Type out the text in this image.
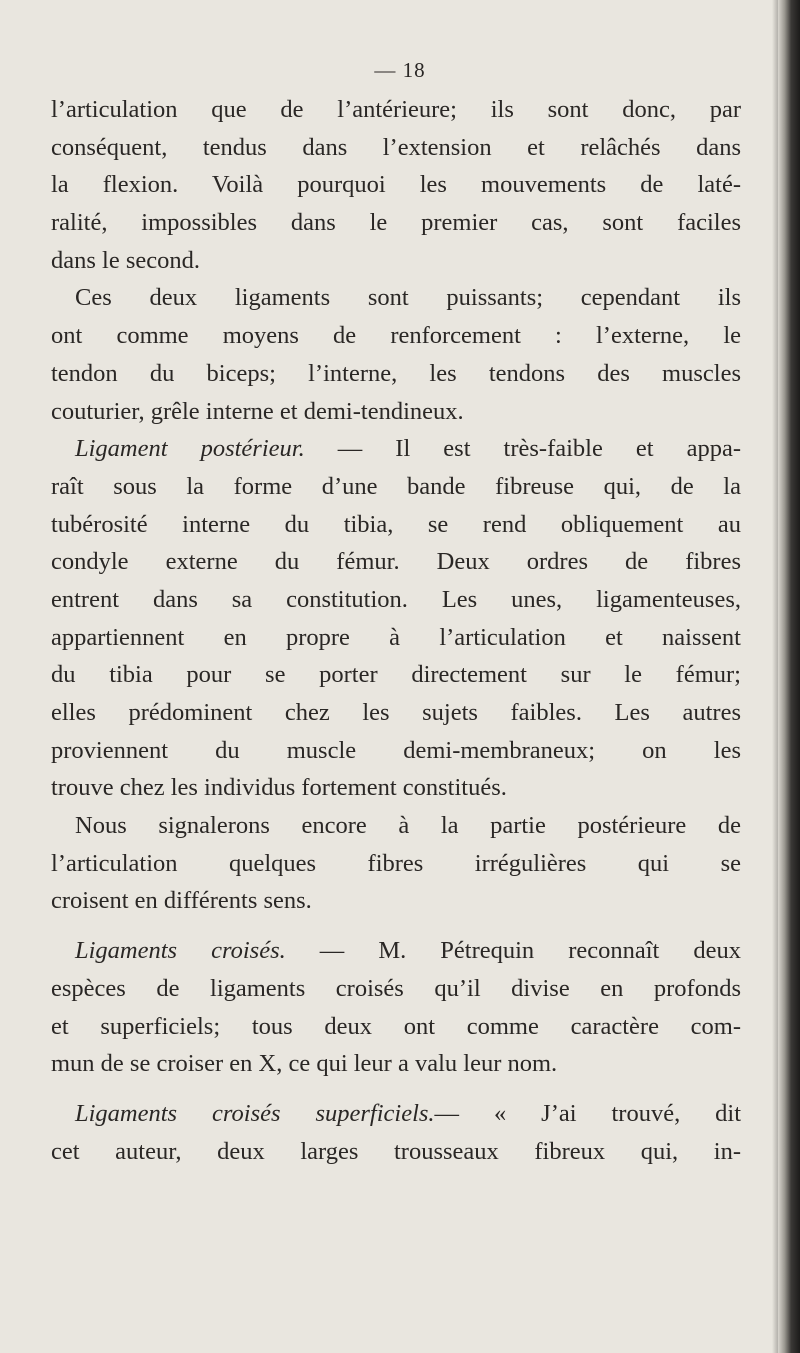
— 18
l’articulation que de l’antérieure; ils sont donc, par
conséquent, tendus dans l’extension et relâchés dans
la flexion. Voilà pourquoi les mouvements de laté-
ralité, impossibles dans le premier cas, sont faciles
dans le second.
Ces deux ligaments sont puissants; cependant ils
ont comme moyens de renforcement : l’externe, le
tendon du biceps; l’interne, les tendons des muscles
couturier, grêle interne et demi-tendineux.
Ligament postérieur. — Il est très-faible et appa-
raît sous la forme d’une bande fibreuse qui, de la
tubérosité interne du tibia, se rend obliquement au
condyle externe du fémur. Deux ordres de fibres
entrent dans sa constitution. Les unes, ligamenteuses,
appartiennent en propre à l’articulation et naissent
du tibia pour se porter directement sur le fémur;
elles prédominent chez les sujets faibles. Les autres
proviennent du muscle demi-membraneux; on les
trouve chez les individus fortement constitués.
Nous signalerons encore à la partie postérieure de
l’articulation quelques fibres irrégulières qui se
croisent en différents sens.
Ligaments croisés. — M. Pétrequin reconnaît deux
espèces de ligaments croisés qu’il divise en profonds
et superficiels; tous deux ont comme caractère com-
mun de se croiser en X, ce qui leur a valu leur nom.
Ligaments croisés superficiels.— « J’ai trouvé, dit
cet auteur, deux larges trousseaux fibreux qui, in-
